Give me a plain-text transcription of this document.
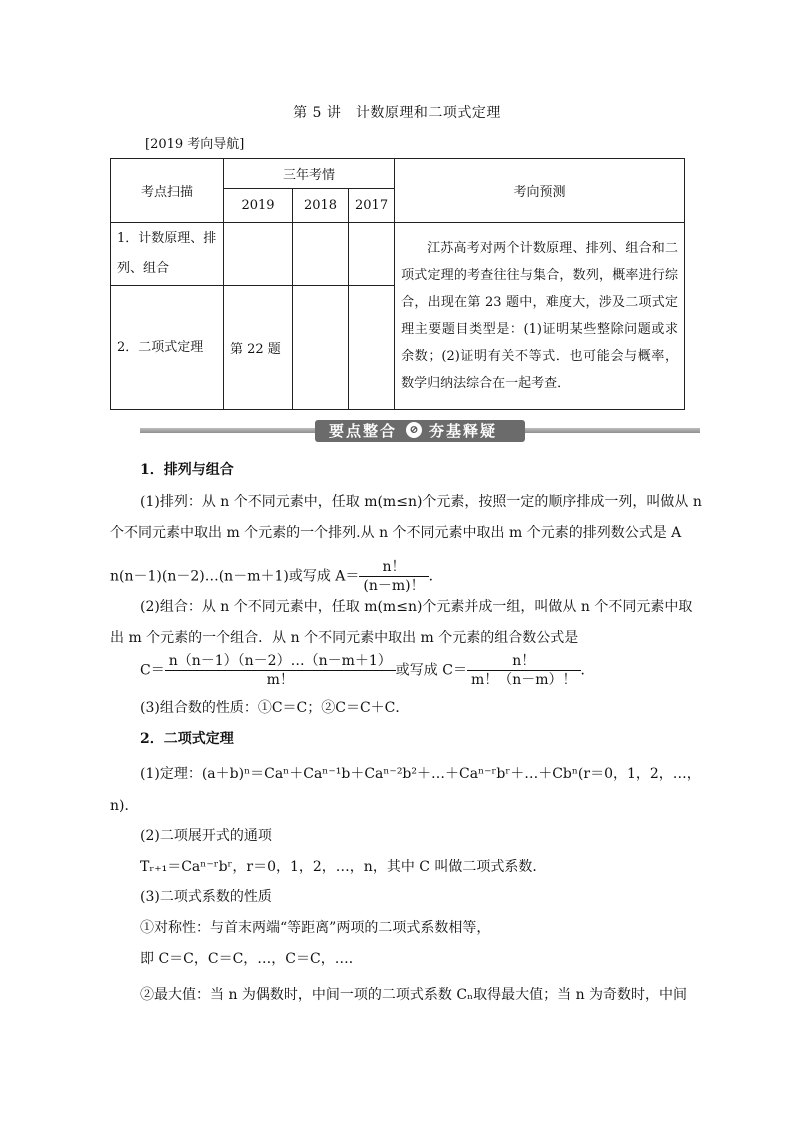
第 5 讲　计数原理和二项式定理
[2019 考向导航]
考点扫描	三年考情			考向预测
	2019	2018	2017	
1．计数原理、排列、组合				江苏高考对两个计数原理、排列、组合和二项式定理的考查往往与集合，数列，概率进行综合，出现在第 23 题中，难度大，涉及二项式定理主要题目类型是：(1)证明某些整除问题或求余数；(2)证明有关不等式．也可能会与概率，数学归纳法综合在一起考查．
2．二项式定理	第 22 题			
要点整合	⊘ 夯基释疑
1．排列与组合
(1)排列：从 n 个不同元素中，任取 m(m≤n)个元素，按照一定的顺序排成一列，叫做从 n
个不同元素中取出 m 个元素的一个排列.从 n 个不同元素中取出 m 个元素的排列数公式是 A
n(n－1)(n－2)…(n－m＋1)或写成 $A= \frac{n!}{(n-m)!}$ ．
(2)组合：从 n 个不同元素中，任取 m(m≤n)个元素并成一组，叫做从 n 个不同元素中取
出 m 个元素的一个组合．从 n 个不同元素中取出 m 个元素的组合数公式是
$C= \frac{n(n-1)(n-2)\dots(n-m+1)}{m!}$ 或写成 $C= \frac{n!}{m!(n-m)!}$ ．
(3)组合数的性质：①C＝C；②C＝C＋C．
2．二项式定理
(1)定理：(a＋b)ⁿ＝Caⁿ＋Caⁿ⁻¹b＋Caⁿ⁻²b²＋…＋Caⁿ⁻ʳbʳ＋…＋Cbⁿ(r＝0，1，2，…，
n)．
(2)二项展开式的通项
Tᵣ₊₁＝Caⁿ⁻ʳbʳ，r＝0，1，2，…，n，其中 C 叫做二项式系数．
(3)二项式系数的性质
①对称性：与首末两端“等距离”两项的二项式系数相等，
即 C＝C，C＝C，…，C＝C，…．
②最大值：当 n 为偶数时，中间一项的二项式系数 Cₙ取得最大值；当 n 为奇数时，中间
